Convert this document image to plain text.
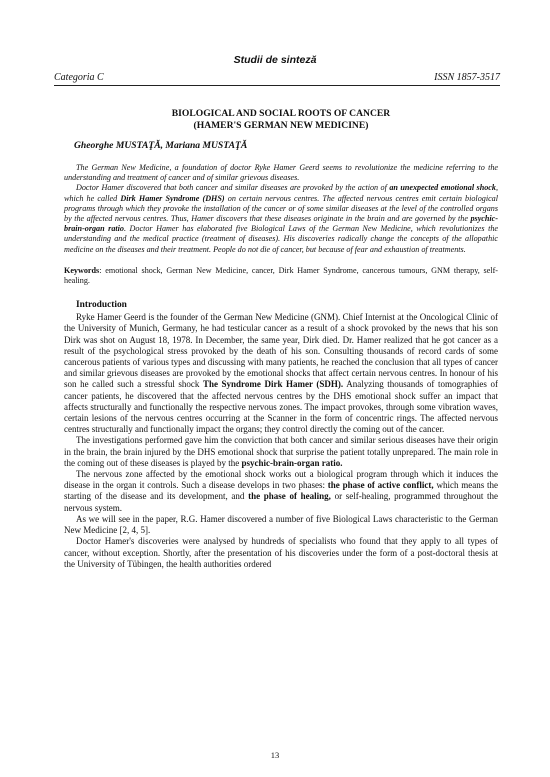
Studii de sinteză
Categoria C	ISSN 1857-3517
BIOLOGICAL AND SOCIAL ROOTS OF CANCER
(HAMER'S GERMAN NEW MEDICINE)
Gheorghe MUSTAŢĂ, Mariana MUSTAŢĂ

The German New Medicine, a foundation of doctor Ryke Hamer Geerd seems to revolutionize the medicine referring to the understanding and treatment of cancer and of similar grievous diseases.

Doctor Hamer discovered that both cancer and similar diseases are provoked by the action of an unexpected emotional shock, which he called Dirk Hamer Syndrome (DHS) on certain nervous centres. The affected nervous centres emit certain biological programs through which they provoke the installation of the cancer or of some similar diseases at the level of the controlled organs by the affected nervous centres. Thus, Hamer discovers that these diseases originate in the brain and are governed by the psychic-brain-organ ratio. Doctor Hamer has elaborated five Biological Laws of the German New Medicine, which revolutionizes the understanding and the medical practice (treatment of diseases). His discoveries radically change the concepts of the allopathic medicine on the diseases and their treatment. People do not die of cancer, but because of fear and exhaustion of treatments.

Keywords: emotional shock, German New Medicine, cancer, Dirk Hamer Syndrome, cancerous tumours, GNM therapy, self-healing.
Introduction

Ryke Hamer Geerd is the founder of the German New Medicine (GNM). Chief Internist at the Oncological Clinic of the University of Munich, Germany, he had testicular cancer as a result of a shock provoked by the news that his son Dirk was shot on August 18, 1978. In December, the same year, Dirk died. Dr. Hamer realized that he got cancer as a result of the psychological stress provoked by the death of his son. Consulting thousands of record cards of some cancerous patients of various types and discussing with many patients, he reached the conclusion that all types of cancer and similar grievous diseases are provoked by the emotional shocks that affect certain nervous centres. In honour of his son he called such a stressful shock The Syndrome Dirk Hamer (SDH). Analyzing thousands of tomographies of cancer patients, he discovered that the affected nervous centres by the DHS emotional shock suffer an impact that affects structurally and functionally the respective nervous zones. The impact provokes, through some vibration waves, certain lesions of the nervous centres occurring at the Scanner in the form of concentric rings. The affected nervous centres structurally and functionally impact the organs; they control directly the coming out of the cancer.

The investigations performed gave him the conviction that both cancer and similar serious diseases have their origin in the brain, the brain injured by the DHS emotional shock that surprise the patient totally unprepared. The main role in the coming out of these diseases is played by the psychic-brain-organ ratio.

The nervous zone affected by the emotional shock works out a biological program through which it induces the disease in the organ it controls. Such a disease develops in two phases: the phase of active conflict, which means the starting of the disease and its development, and the phase of healing, or self-healing, programmed throughout the nervous system.

As we will see in the paper, R.G. Hamer discovered a number of five Biological Laws characteristic to the German New Medicine [2, 4, 5].

Doctor Hamer's discoveries were analysed by hundreds of specialists who found that they apply to all types of cancer, without exception. Shortly, after the presentation of his discoveries under the form of a post-doctoral thesis at the University of Tübingen, the health authorities ordered

13
